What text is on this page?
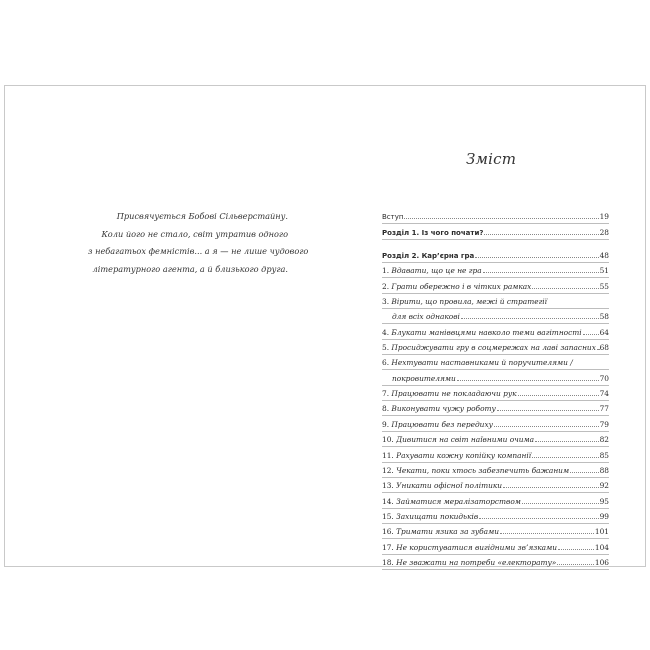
Присвячується Бобові Сільверстайну.
Коли його не стало, світ утратив одного
з небагатьох фемністів... а я — не лише чудового
літературного агента, а й близького друга.
Зміст
Вступ	19
Розділ 1. Із чого почати?	28
Розділ 2. Кар’єрна гра	48
1. Вдавати, що це не гра	51
2. Грати обережно і в чітких рамках	55
3. Вірити, що провила, межі й стратегії
для всіх однакові	58
4. Блукати маніввцями навколо теми вагітності 64
5. Просиджувати гру в соцмережах на лаві запасних 68
6. Нехтувати наставниками й поручителями /
покровителями	70
7. Працювати не покладаючи рук	74
8. Виконувати чужу роботу	77
9. Працювати без передиху	79
10. Дивитися на світ наївними очима	82
11. Рахувати кожну копійку компанії	85
12. Чекати, поки хтось забезпечить бажаним	88
13. Уникати офісної політики	92
14. Займатися мералізаторством	95
15. Захищати покидьків	99
16. Тримати язика за зубами	101
17. Не користуватися вигідними зв’язками	104
18. Не зважати на потреби «електорату»	106
